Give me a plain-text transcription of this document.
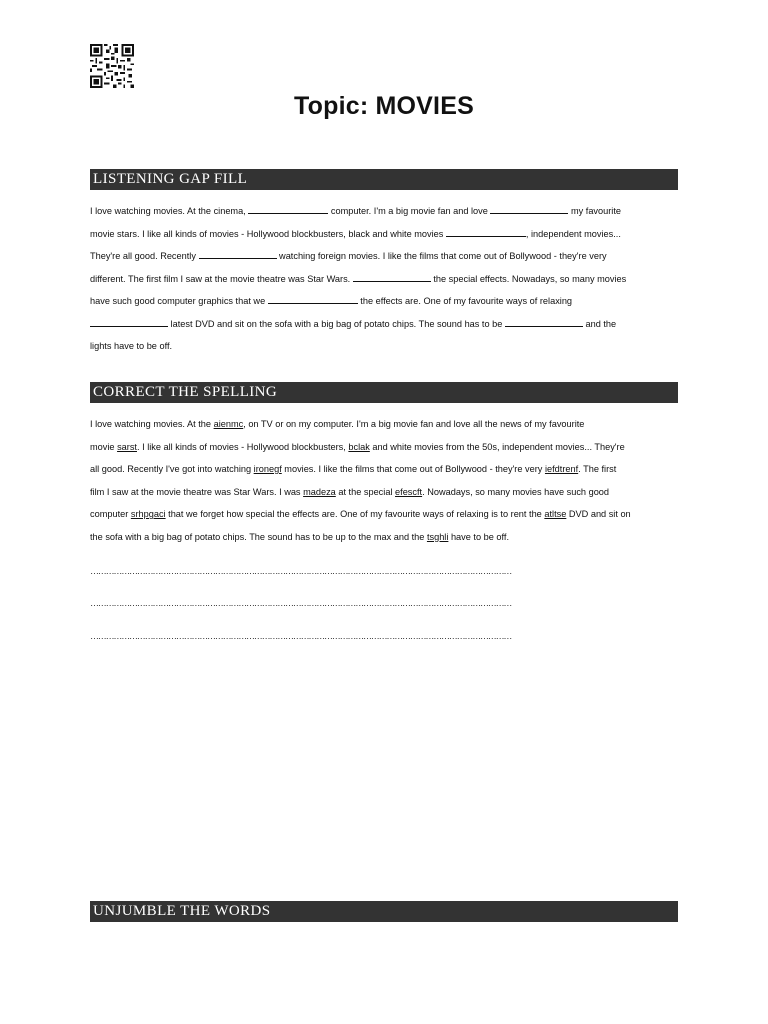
Topic: MOVIES
LISTENING GAP FILL
I love watching movies. At the cinema,	computer. I'm a big movie fan and love	my favourite
movie stars. I like all kinds of movies - Hollywood blockbusters, black and white movies	, independent movies...
They're all good. Recently	watching foreign movies. I like the films that come out of Bollywood - they're very
different. The first film I saw at the movie theatre was Star Wars.	the special effects. Nowadays, so many movies
have such good computer graphics that we	the effects are. One of my favourite ways of relaxing
latest DVD and sit on the sofa with a big bag of potato chips. The sound has to be	and the
lights have to be off.
CORRECT THE SPELLING
I love watching movies. At the aienmc, on TV or on my computer. I'm a big movie fan and love all the news of my favourite
movie sarst. I like all kinds of movies - Hollywood blockbusters, bclak and white movies from the 50s, independent movies... They're
all good. Recently I've got into watching ironegf movies. I like the films that come out of Bollywood - they're very iefdtrenf. The first
film I saw at the movie theatre was Star Wars. I was madeza at the special efescft. Nowadays, so many movies have such good
computer srhpgaci that we forget how special the effects are. One of my favourite ways of relaxing is to rent the atltse DVD and sit on
the sofa with a big bag of potato chips. The sound has to be up to the max and the tsghli have to be off.
………………………………………………………………………………………………………………………………………………
………………………………………………………………………………………………………………………………………………
………………………………………………………………………………………………………………………………………………
UNJUMBLE THE WORDS
